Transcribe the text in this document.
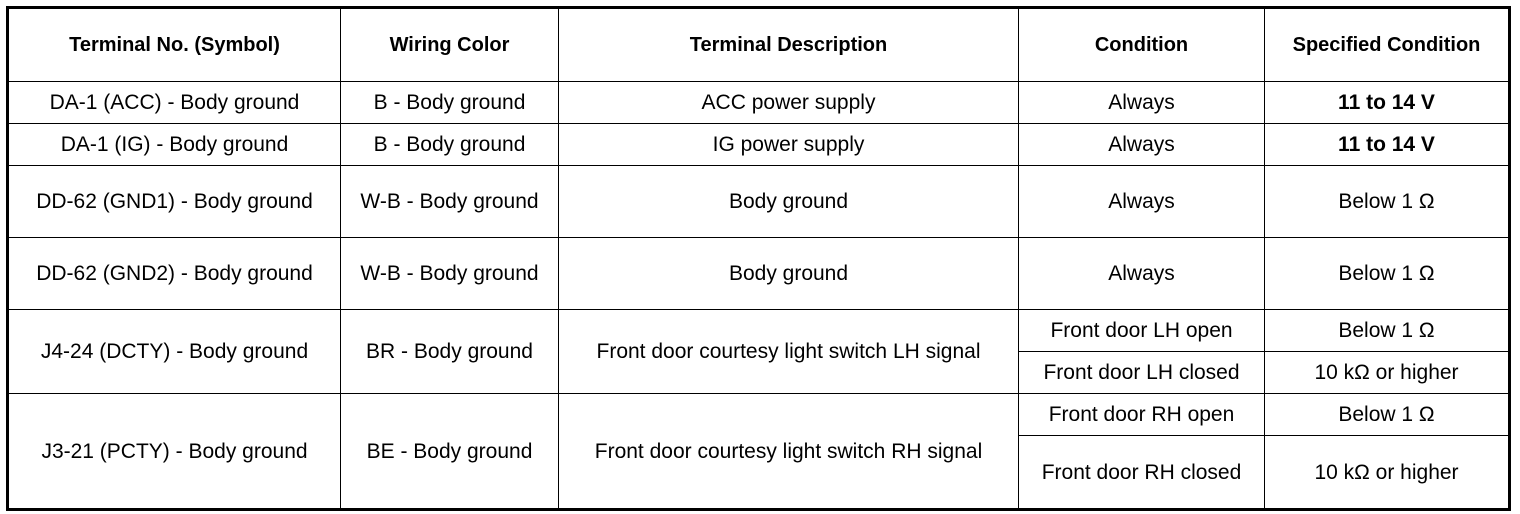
Terminal No. (Symbol)	Wiring Color	Terminal Description	Condition	Specified Condition
DA-1 (ACC) - Body ground	B - Body ground	ACC power supply	Always	11 to 14 V
DA-1 (IG) - Body ground	B - Body ground	IG power supply	Always	11 to 14 V
DD-62 (GND1) - Body ground	W-B - Body ground	Body ground	Always	Below 1 Ω
DD-62 (GND2) - Body ground	W-B - Body ground	Body ground	Always	Below 1 Ω
J4-24 (DCTY) - Body ground	BR - Body ground	Front door courtesy light switch LH signal	Front door LH open	Below 1 Ω
			Front door LH closed	10 kΩ or higher
J3-21 (PCTY) - Body ground	BE - Body ground	Front door courtesy light switch RH signal	Front door RH open	Below 1 Ω
			Front door RH closed	10 kΩ or higher
